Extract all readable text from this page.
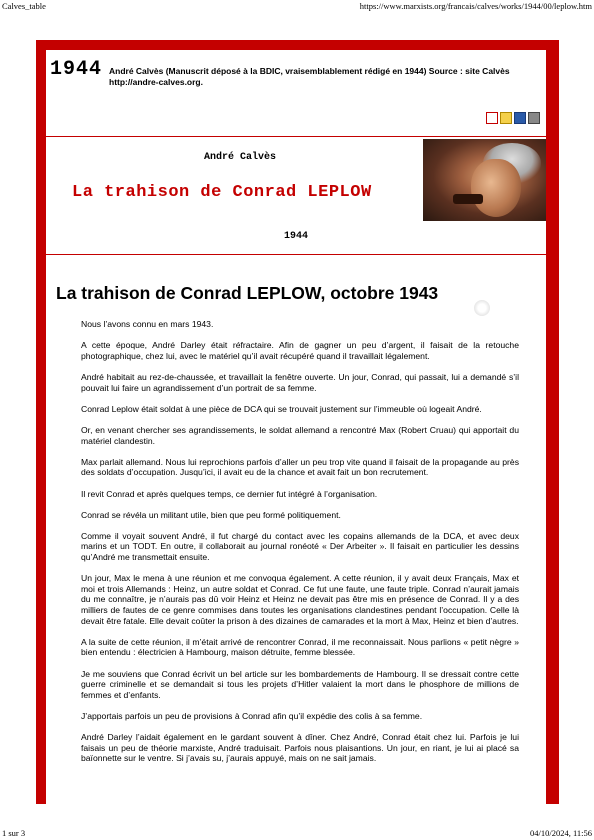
Calves_table	https://www.marxists.org/francais/calves/works/1944/00/leplow.htm
1944 André Calvès (Manuscrit déposé à la BDIC, vraisemblablement rédigé en 1944) Source : site Calvès http://andre-calves.org.
André Calvès
La trahison de Conrad LEPLOW
1944
La trahison de Conrad LEPLOW, octobre 1943

Nous l’avons connu en mars 1943.

A cette époque, André Darley était réfractaire. Afin de gagner un peu d’argent, il faisait de la retouche photographique, chez lui, avec le matériel qu’il avait récupéré quand il travaillait légalement.

André habitait au rez-de-chaussée, et travaillait la fenêtre ouverte. Un jour, Conrad, qui passait, lui a demandé s’il pouvait lui faire un agrandissement d’un portrait de sa femme.

Conrad Leplow était soldat à une pièce de DCA qui se trouvait justement sur l’immeuble où logeait André.

Or, en venant chercher ses agrandissements, le soldat allemand a rencontré Max (Robert Cruau) qui apportait du matériel clandestin.

Max parlait allemand. Nous lui reprochions parfois d’aller un peu trop vite quand il faisait de la propagande au près des soldats d’occupation. Jusqu’ici, il avait eu de la chance et avait fait un bon recrutement.

Il revit Conrad et après quelques temps, ce dernier fut intégré à l’organisation.

Conrad se révéla un militant utile, bien que peu formé politiquement.

Comme il voyait souvent André, il fut chargé du contact avec les copains allemands de la DCA, et avec deux marins et un TODT. En outre, il collaborait au journal ronéoté « Der Arbeiter ». Il faisait en particulier les dessins qu’André me transmettait ensuite.

Un jour, Max le mena à une réunion et me convoqua également. A cette réunion, il y avait deux Français, Max et moi et trois Allemands : Heinz, un autre soldat et Conrad. Ce fut une faute, une faute triple. Conrad n’aurait jamais du me connaître, je n’aurais pas dû voir Heinz et Heinz ne devait pas être mis en présence de Conrad. Il y a des milliers de fautes de ce genre commises dans toutes les organisations clandestines pendant l’occupation. Celle là devait être fatale. Elle devait coûter la prison à des dizaines de camarades et la mort à Max, Heinz et bien d’autres.

A la suite de cette réunion, il m’était arrivé de rencontrer Conrad, il me reconnaissait. Nous parlions « petit nègre » bien entendu : électricien à Hambourg, maison détruite, femme blessée.

Je me souviens que Conrad écrivit un bel article sur les bombardements de Hambourg. Il se dressait contre cette guerre criminelle et se demandait si tous les projets d’Hitler valaient la mort dans le phosphore de millions de femmes et d’enfants.

J’apportais parfois un peu de provisions à Conrad afin qu’il expédie des colis à sa femme.

André Darley l’aidait également en le gardant souvent à dîner. Chez André, Conrad était chez lui. Parfois je lui faisais un peu de théorie marxiste, André traduisait. Parfois nous plaisantions. Un jour, en riant, je lui ai placé sa baïonnette sur le ventre. Si j’avais su, j’aurais appuyé, mais on ne sait jamais.

1 sur 3	04/10/2024, 11:56
